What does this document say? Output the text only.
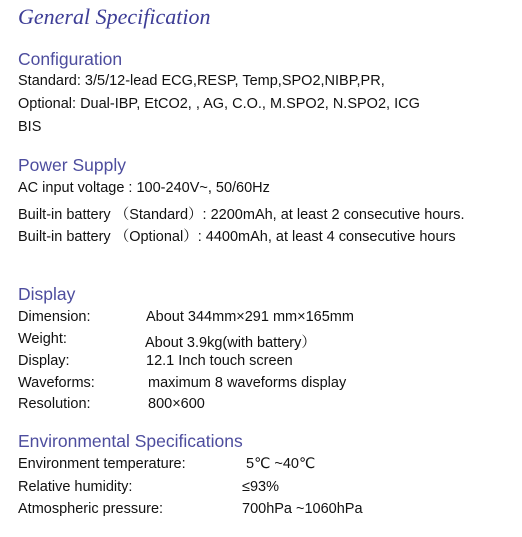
General Specification
Configuration
Standard: 3/5/12-lead ECG,RESP, Temp,SPO2,NIBP,PR,
Optional: Dual-IBP, EtCO2, , AG, C.O., M.SPO2, N.SPO2, ICG
BIS
Power Supply
AC input voltage : 100-240V~, 50/60Hz
Built-in battery （Standard）: 2200mAh, at least 2 consecutive hours.
Built-in battery （Optional）: 4400mAh, at least 4 consecutive hours
Display
Dimension:	About 344mm×291 mm×165mm
Weight:	About 3.9kg(with battery）
Display:	12.1 Inch touch screen
Waveforms:	maximum 8 waveforms display
Resolution:	800×600
Environmental Specifications
Environment temperature:	5℃ ~40℃
Relative humidity:	≤93%
Atmospheric pressure:	700hPa ~1060hPa
